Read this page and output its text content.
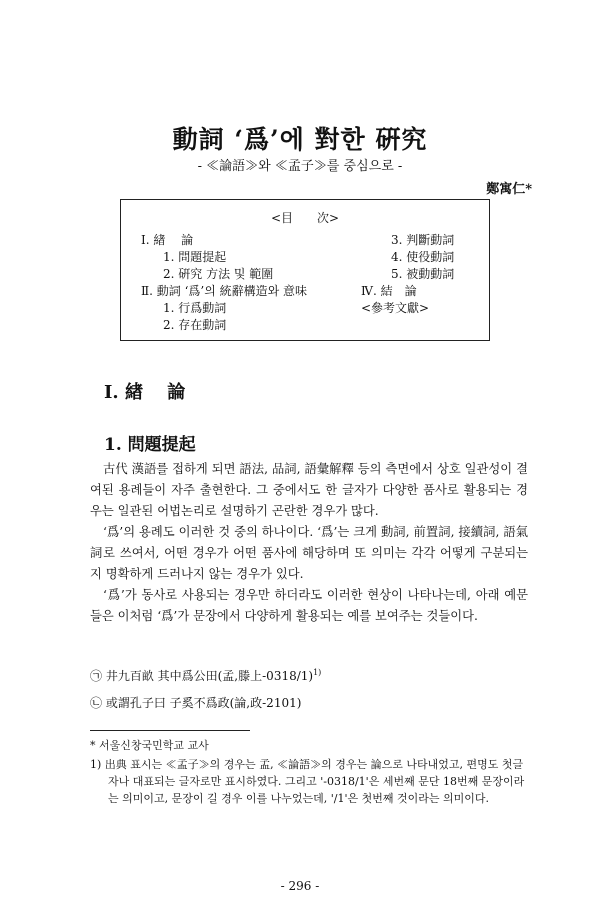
動詞 ‘爲’에 對한 硏究
- ≪論語≫와 ≪孟子≫를 중심으로 -
鄭寓仁*
<目　　次>
Ⅰ. 緖　 論
1. 問題提起
2. 硏究 方法 및 範圍
Ⅱ. 動詞 ‘爲’의 統辭構造와 意味
1. 行爲動詞
2. 存在動詞
3. 判斷動詞
4. 使役動詞
5. 被動動詞
Ⅳ. 結　論
<參考文獻>
Ⅰ. 緖　 論
1. 問題提起
古代 漢語를 접하게 되면 語法, 品詞, 語彙解釋 등의 측면에서 상호 일관성이 결여된 용례들이 자주 출현한다. 그 중에서도 한 글자가 다양한 품사로 활용되는 경우는 일관된 어법논리로 설명하기 곤란한 경우가 많다.
‘爲’의 용례도 이러한 것 중의 하나이다. ‘爲’는 크게 動詞, 前置詞, 接續詞, 語氣詞로 쓰여서, 어떤 경우가 어떤 품사에 해당하며 또 의미는 각각 어떻게 구분되는지 명확하게 드러나지 않는 경우가 있다.
‘爲’가 동사로 사용되는 경우만 하더라도 이러한 현상이 나타나는데, 아래 예문들은 이처럼 ‘爲’가 문장에서 다양하게 활용되는 예를 보여주는 것들이다.
㉠ 井九百畝 其中爲公田(孟,滕上-0318/1)$^{1)}$
㉡ 或謂孔子曰 子奚不爲政(論,政-2101)
* 서울신창국민학교 교사
1) 出典 표시는 ≪孟子≫의 경우는 孟, ≪論語≫의 경우는 論으로 나타내었고, 편명도 첫글자나 대표되는 글자로만 표시하였다. 그리고 '-0318/1'은 세번째 문단 18번째 문장이라는 의미이고, 문장이 길 경우 이를 나누었는데, '/1'은 첫번째 것이라는 의미이다.
- 296 -
